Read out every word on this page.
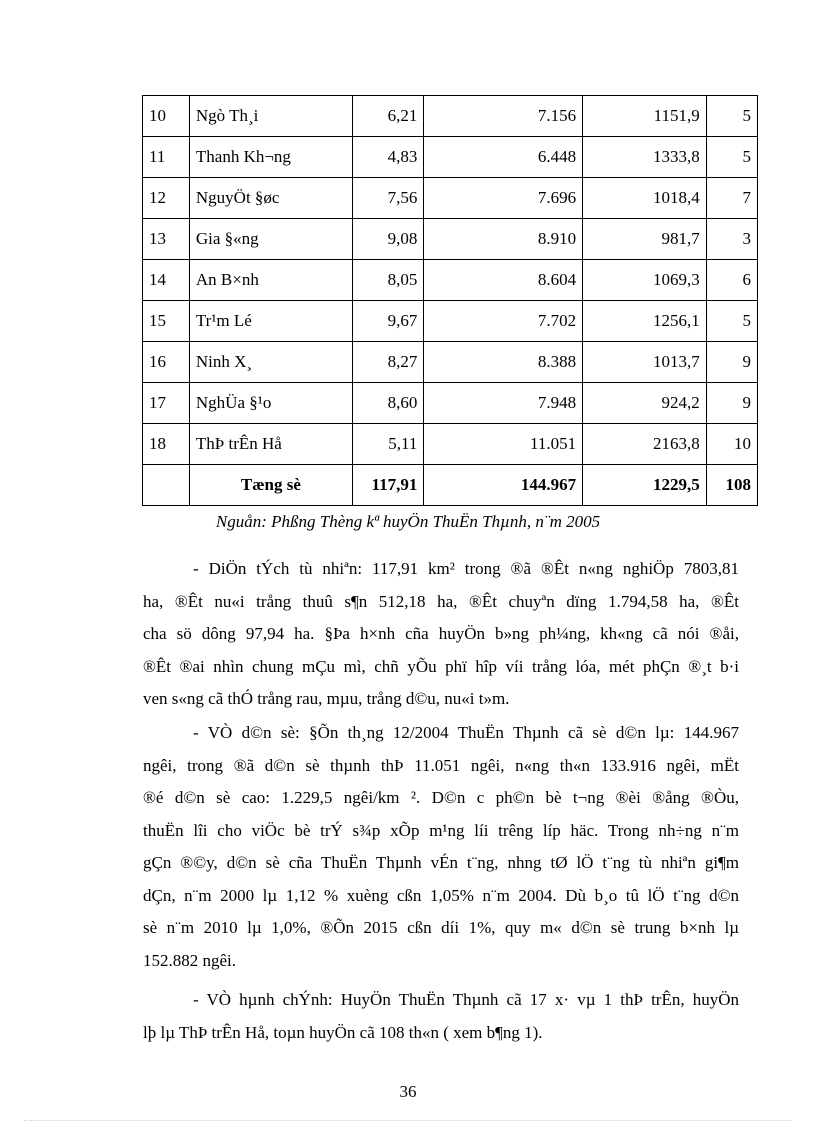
10	Ngò Th¸i	6,21	7.156	1151,9	5
11	Thanh Kh¬ng	4,83	6.448	1333,8	5
12	NguyÖt §øc	7,56	7.696	1018,4	7
13	Gia §«ng	9,08	8.910	981,7	3
14	An B×nh	8,05	8.604	1069,3	6
15	Tr¹m Lé	9,67	7.702	1256,1	5
16	Ninh X¸	8,27	8.388	1013,7	9
17	NghÜa §¹o	8,60	7.948	924,2	9
18	ThÞ trÊn Hå	5,11	11.051	2163,8	10
	Tæng sè	117,91	144.967	1229,5	108
Nguån: Phßng Thèng kª huyÖn ThuËn Thµnh, n¨m 2005
- DiÖn tÝch tù nhiªn: 117,91 km² trong ®ã ®Êt n«ng nghiÖp 7803,81
ha, ®Êt nu«i trång thuû s¶n 512,18 ha, ®Êt chuyªn dïng 1.794,58 ha, ®Êt
cha sö dông 97,94 ha. §Þa h×nh cña huyÖn b»ng ph¼ng, kh«ng cã nói ®åi,
®Êt ®ai nhìn chung mÇu mì, chñ yÕu phï hîp víi trång lóa, mét phÇn ®¸t b·i
ven s«ng cã thÓ trång rau, mµu, trång d©u, nu«i t»m.
- VÒ d©n sè: §Õn th¸ng 12/2004 ThuËn Thµnh cã sè d©n lµ: 144.967
ngêi, trong ®ã d©n sè thµnh thÞ 11.051 ngêi, n«ng th«n 133.916 ngêi, mËt
®é d©n sè cao: 1.229,5 ngêi/km ². D©n c ph©n bè t¬ng ®èi ®ång ®Òu,
thuËn lîi cho viÖc bè trÝ s¾p xÕp m¹ng líi trêng líp häc. Trong nh÷ng n¨m
gÇn ®©y, d©n sè cña ThuËn Thµnh vÉn t¨ng, nhng tØ lÖ t¨ng tù nhiªn gi¶m
dÇn, n¨m 2000 lµ 1,12 % xuèng cßn 1,05% n¨m 2004. Dù b¸o tû lÖ t¨ng d©n
sè n¨m 2010 lµ 1,0%, ®Õn 2015 cßn díi 1%, quy m« d©n sè trung b×nh lµ
152.882 ngêi.
- VÒ hµnh chÝnh: HuyÖn ThuËn Thµnh cã 17 x· vµ 1 thÞ trÊn, huyÖn
lþ lµ ThÞ trÊn Hå, toµn huyÖn cã 108 th«n ( xem b¶ng 1).
36
